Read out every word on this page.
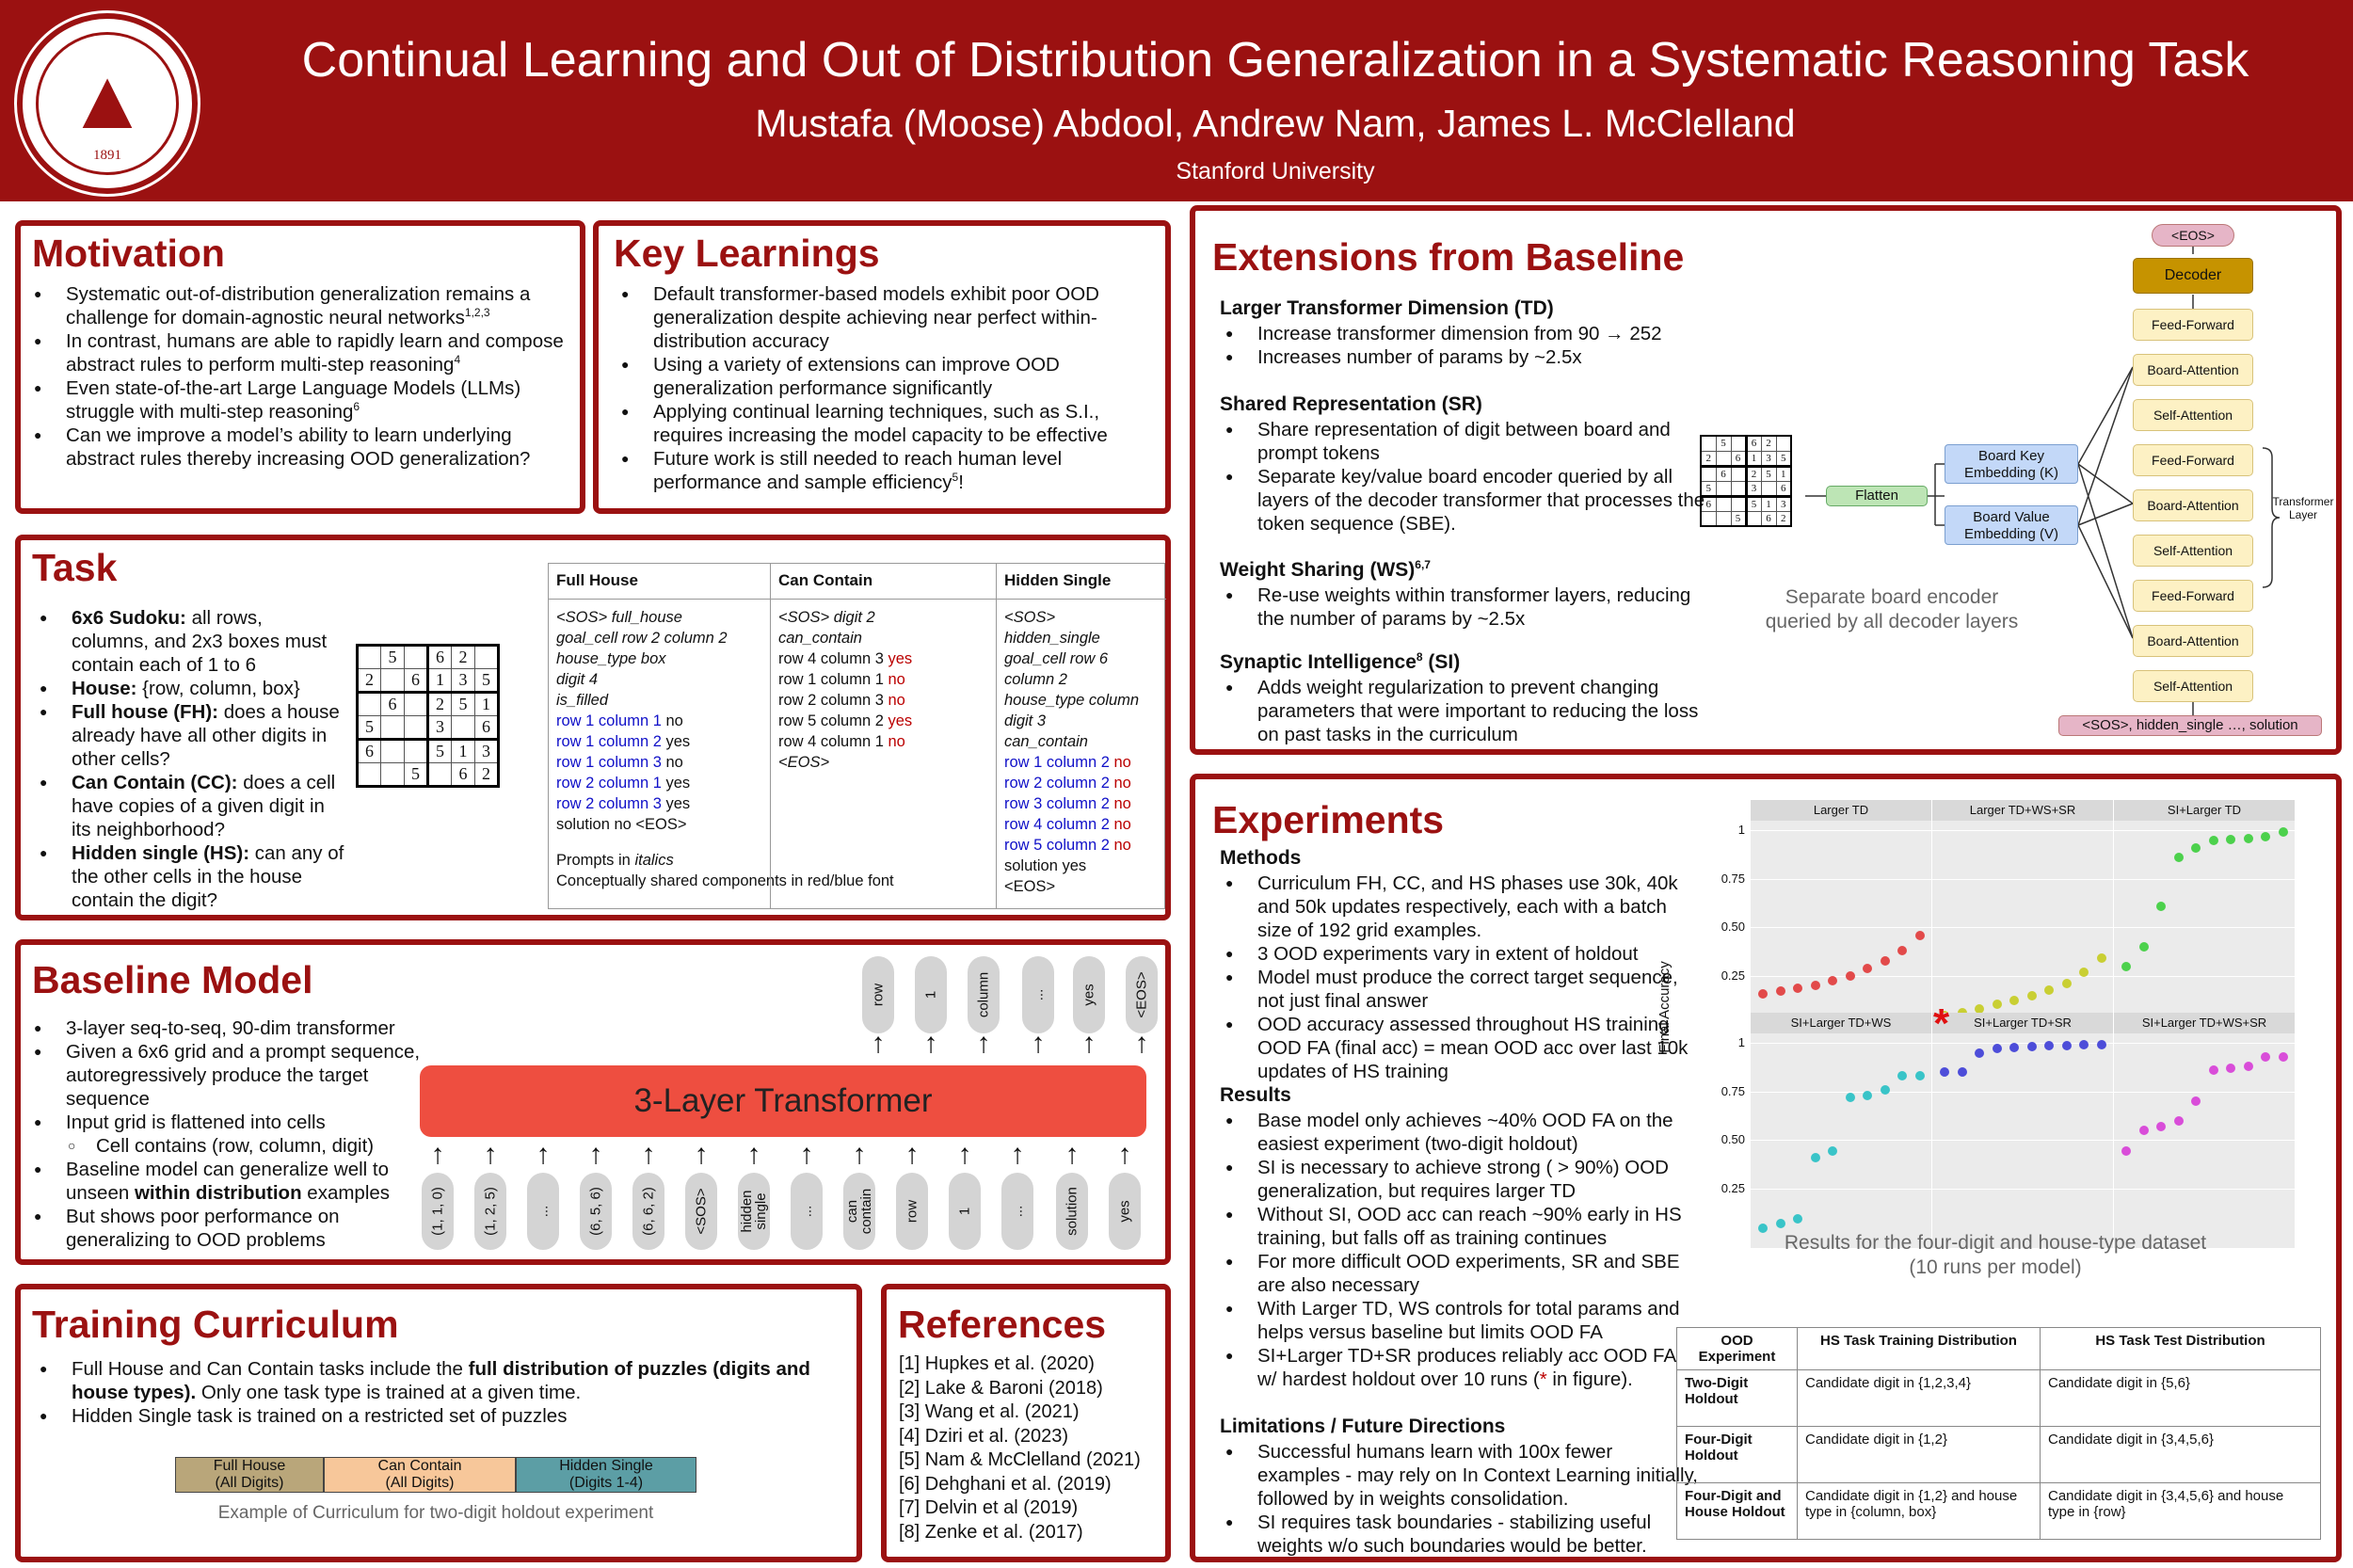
▲
1891
Continual Learning and Out of Distribution Generalization in a Systematic Reasoning Task
Mustafa (Moose) Abdool, Andrew Nam, James L. McClelland
Stanford University
Motivation
● Systematic out-of-distribution generalization remains a challenge for domain-agnostic neural networks$^{1,2,3}$
● In contrast, humans are able to rapidly learn and compose abstract rules to perform multi-step reasoning$^4$
● Even state-of-the-art Large Language Models (LLMs) struggle with multi-step reasoning$^6$
● Can we improve a model’s ability to learn underlying abstract rules thereby increasing OOD generalization?
Key Learnings
● Default transformer-based models exhibit poor OOD generalization despite achieving near perfect within-distribution accuracy
● Using a variety of extensions can improve OOD generalization performance significantly
● Applying continual learning techniques, such as S.I., requires increasing the model capacity to be effective
● Future work is still needed to reach human level performance and sample efficiency$^5$!
Task
● 6x6 Sudoku: all rows, columns, and 2x3 boxes must contain each of 1 to 6
● House: {row, column, box}
● Full house (FH): does a house already have all other digits in other cells?
● Can Contain (CC): does a cell have copies of a given digit in its neighborhood?
● Hidden single (HS): can any of the other cells in the house contain the digit?
	5		6	2	
2		6	1	3	5
	6		2	5	1
5			3		6
6			5	1	3
		5		6	2
Full House
<SOS> full_house
goal_cell row 2 column 2
house_type box
digit 4
is_filled
row 1 column 1 no
row 1 column 2 yes
row 1 column 3 no
row 2 column 1 yes
row 2 column 3 yes
solution no <EOS>
Prompts in italics
Conceptually shared components in red/blue font
Can Contain
<SOS> digit 2
can_contain
row 4 column 3 yes
row 1 column 1 no
row 2 column 3 no
row 5 column 2 yes
row 4 column 1 no
<EOS>
Hidden Single
<SOS>
hidden_single
goal_cell row 6
column 2
house_type column
digit 3
can_contain
row 1 column 2 no
row 2 column 2 no
row 3 column 2 no
row 4 column 2 no
row 5 column 2 no
solution yes
<EOS>
Baseline Model
● 3-layer seq-to-seq, 90-dim transformer
● Given a 6x6 grid and a prompt sequence, autoregressively produce the target sequence
● Input grid is flattened into cells
○ Cell contains (row, column, digit)
● Baseline model can generalize well to unseen within distribution examples
● But shows poor performance on generalizing to OOD problems
row
↑
1
↑
column
↑
...
↑
yes
↑
<EOS>
↑
3-Layer Transformer
↑
(1, 1, 0)
↑
(1, 2, 5)
↑
...
↑
(6, 5, 6)
↑
(6, 6, 2)
↑
<SOS>
↑
hidden single
↑
...
↑
can contain
↑
row
↑
1
↑
...
↑
solution
↑
yes
Training Curriculum
● Full House and Can Contain tasks include the full distribution of puzzles (digits and house types). Only one task type is trained at a given time.
● Hidden Single task is trained on a restricted set of puzzles
Full House
(All Digits)
Can Contain
(All Digits)
Hidden Single
(Digits 1-4)
Example of Curriculum for two-digit holdout experiment
References
[1] Hupkes et al. (2020)
[2] Lake & Baroni (2018)
[3] Wang et al. (2021)
[4] Dziri et al. (2023)
[5] Nam & McClelland (2021)
[6] Dehghani et al. (2019)
[7] Delvin et al (2019)
[8] Zenke et al. (2017)
Extensions from Baseline
Larger Transformer Dimension (TD)
● Increase transformer dimension from 90 → 252
● Increases number of params by ~2.5x
Shared Representation (SR)
● Share representation of digit between board and prompt tokens
● Separate key/value board encoder queried by all layers of the decoder transformer that processes the token sequence (SBE).
Weight Sharing (WS)$^{6,7}$
● Re-use weights within transformer layers, reducing the number of params by ~2.5x
Synaptic Intelligence$^8$ (SI)
● Adds weight regularization to prevent changing parameters that were important to reducing the loss on past tasks in the curriculum
<EOS>
Decoder
Feed-Forward
Board-Attention
Self-Attention
Feed-Forward
Board-Attention
Self-Attention
Feed-Forward
Board-Attention
Self-Attention
<SOS>, hidden_single …, solution
	5		6	2	
2		6	1	3	5
	6		2	5	1
5			3		6
6			5	1	3
		5		6	2
Flatten
Board Key Embedding (K)
Board Value Embedding (V)
Transformer Layer
Separate board encoder queried by all decoder layers
Experiments
Methods
● Curriculum FH, CC, and HS phases use 30k, 40k and 50k updates respectively, each with a batch size of 192 grid examples.
● 3 OOD experiments vary in extent of holdout
● Model must produce the correct target sequence, not just final answer
● OOD accuracy assessed throughout HS training OOD FA (final acc) = mean OOD acc over last 10k updates of HS training
Results
● Base model only achieves ~40% OOD FA on the easiest experiment (two-digit holdout)
● SI is necessary to achieve strong ( > 90%) OOD generalization, but requires larger TD
● Without SI, OOD acc can reach ~90% early in HS training, but falls off as training continues
● For more difficult OOD experiments, SR and SBE are also necessary
● With Larger TD, WS controls for total params and helps versus baseline but limits OOD FA
● SI+Larger TD+SR produces reliably acc OOD FA w/ hardest holdout over 10 runs (* in figure).
Limitations / Future Directions
● Successful humans learn with 100x fewer examples - may rely on In Context Learning initially, followed by in weights consolidation.
● SI requires task boundaries - stabilizing useful weights w/o such boundaries would be better.
Larger TD
0.25
0.50
0.75
1
Larger TD+WS+SR	SI+Larger TD
SI+Larger TD+WS
0.25
0.50
0.75
1
SI+Larger TD+SR	SI+Larger TD+WS+SR
*
Final Accuracy
Results for the four-digit and house-type dataset
(10 runs per model)
OOD Experiment	HS Task Training Distribution	HS Task Test Distribution
Two-Digit Holdout	Candidate digit in {1,2,3,4}	Candidate digit in {5,6}
Four-Digit Holdout	Candidate digit in {1,2}	Candidate digit in {3,4,5,6}
Four-Digit and House Holdout	Candidate digit in {1,2} and house type in {column, box}	Candidate digit in {3,4,5,6} and house type in {row}
